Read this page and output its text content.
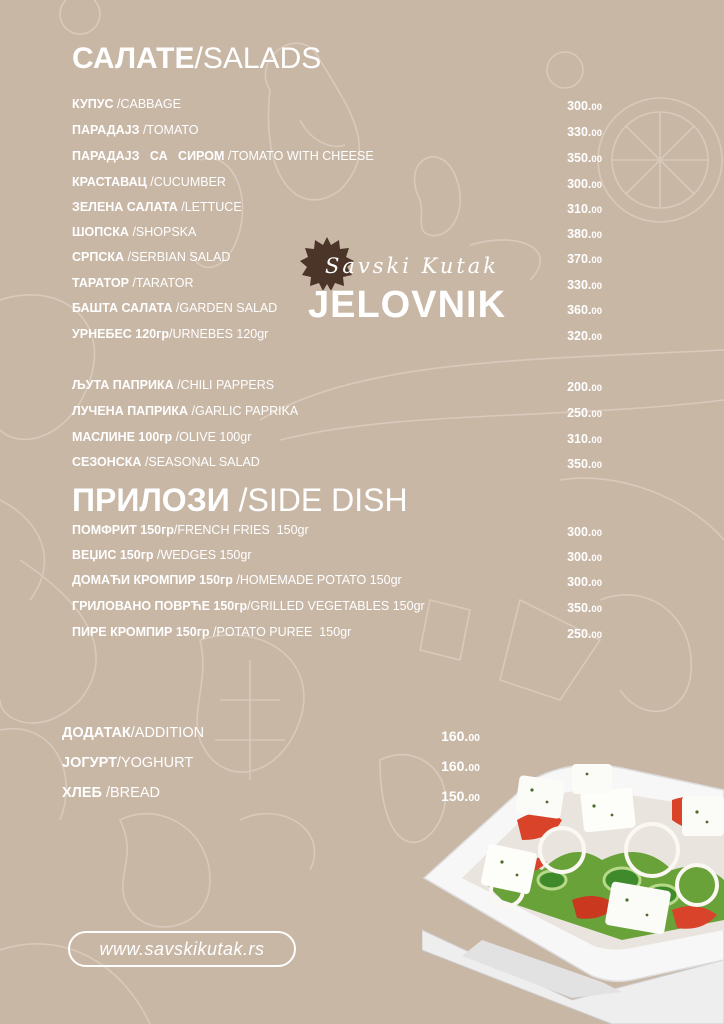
САЛАТЕ/SALADS
КУПУС /CABBAGE	300.00
ПАРАДАЈЗ /TOMATO	330.00
ПАРАДАЈЗ   СА   СИРОМ /TOMATO WITH CHEESE	350.00
КРАСТАВАЦ /CUCUMBER	300.00
ЗЕЛЕНА САЛАТА /LETTUCE	310.00
ШОПСКА /SHOPSKA	380.00
СРПСКА /SERBIAN SALAD	370.00
ТАРАТОР /TARATOR	330.00
БАШТА САЛАТА /GARDEN SALAD	360.00
УРНЕБЕС 120гр/URNEBES 120gr	320.00
ЉУТА ПАПРИКА /CHILI PAPPERS	200.00
ЛУЧЕНА ПАПРИКА /GARLIC PAPRIKA	250.00
МАСЛИНЕ 100гр /OLIVE 100gr	310.00
СЕЗОНСКА /SEASONAL SALAD	350.00
ПРИЛОЗИ /SIDE DISH
ПОМФРИТ 150гр/FRENCH FRIES  150gr	300.00
ВЕЏИС 150гр /WEDGES 150gr	300.00
ДОМАЋИ КРОМПИР 150гр /HOMEMADE POTATO 150gr	300.00
ГРИЛОВАНО ПОВРЋЕ 150гр/GRILLED VEGETABLES 150gr	350.00
ПИРЕ КРОМПИР 150гр /POTATO PUREE  150gr	250.00
ДОДАТАК/ADDITION	160.00
ЈОГУРТ/YOGHURT	160.00
ХЛЕБ /BREAD	150.00
Savski Kutak
JELOVNIK
www.savskikutak.rs
